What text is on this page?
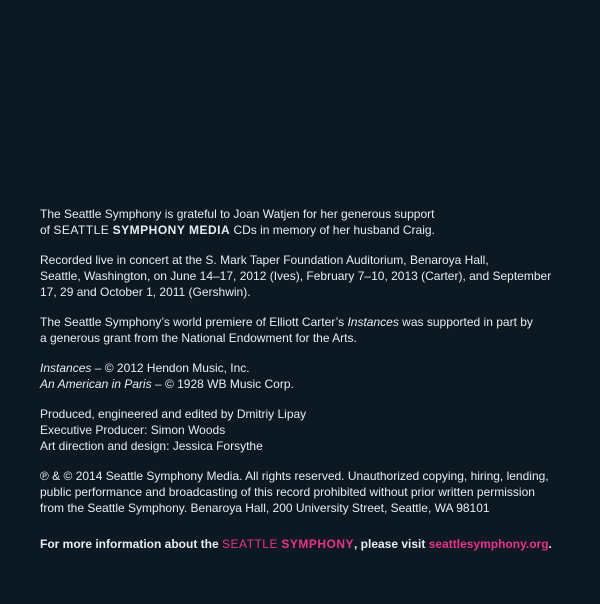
The Seattle Symphony is grateful to Joan Watjen for her generous support
of SEATTLE SYMPHONY MEDIA CDs in memory of her husband Craig.

Recorded live in concert at the S. Mark Taper Foundation Auditorium, Benaroya Hall,
Seattle, Washington, on June 14–17, 2012 (Ives), February 7–10, 2013 (Carter), and September
17, 29 and October 1, 2011 (Gershwin).

The Seattle Symphony’s world premiere of Elliott Carter’s Instances was supported in part by
a generous grant from the National Endowment for the Arts.

Instances – © 2012 Hendon Music, Inc.
An American in Paris – © 1928 WB Music Corp.

Produced, engineered and edited by Dmitriy Lipay
Executive Producer: Simon Woods
Art direction and design: Jessica Forsythe

℗ & © 2014 Seattle Symphony Media. All rights reserved. Unauthorized copying, hiring, lending,
public performance and broadcasting of this record prohibited without prior written permission
from the Seattle Symphony. Benaroya Hall, 200 University Street, Seattle, WA 98101

For more information about the SEATTLE SYMPHONY, please visit seattlesymphony.org.
